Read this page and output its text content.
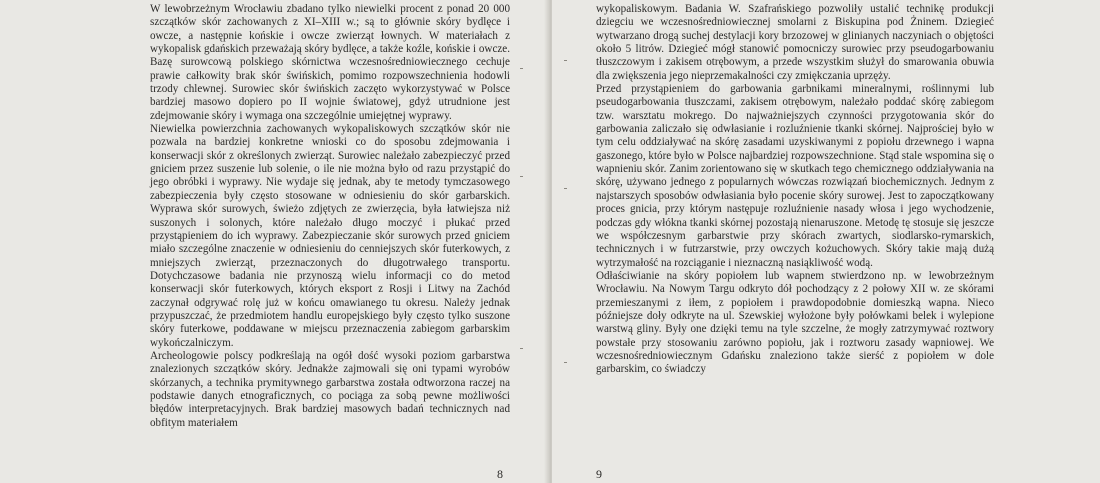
W lewobrzeżnym Wrocławiu zbadano tylko niewielki procent z ponad 20 000 szczątków skór zachowanych z XI–XIII w.; są to głównie skóry bydlęce i owcze, a następnie końskie i owcze zwierząt łownych. W materiałach z wykopalisk gdańskich przeważają skóry bydlęce, a także koźle, końskie i owcze. Bazę surowcową polskiego skórnictwa wczesnośredniowiecznego cechuje prawie całkowity brak skór świńskich, pomimo rozpowszechnienia hodowli trzody chlewnej. Surowiec skór świńskich zaczęto wykorzystywać w Polsce bardziej masowo dopiero po II wojnie światowej, gdyż utrudnione jest zdejmowanie skóry i wymaga ona szczególnie umiejętnej wyprawy.

Niewielka powierzchnia zachowanych wykopaliskowych szczątków skór nie pozwala na bardziej konkretne wnioski co do sposobu zdejmowania i konserwacji skór z określonych zwierząt. Surowiec należało zabezpieczyć przed gniciem przez suszenie lub solenie, o ile nie można było od razu przystąpić do jego obróbki i wyprawy. Nie wydaje się jednak, aby te metody tymczasowego zabezpieczenia były często stosowane w odniesieniu do skór garbarskich. Wyprawa skór surowych, świeżo zdjętych ze zwierzęcia, była łatwiejsza niż suszonych i solonych, które należało długo moczyć i płukać przed przystąpieniem do ich wyprawy. Zabezpieczanie skór surowych przed gniciem miało szczególne znaczenie w odniesieniu do cenniejszych skór futerkowych, z mniejszych zwierząt, przeznaczonych do długotrwałego transportu. Dotychczasowe badania nie przynoszą wielu informacji co do metod konserwacji skór futerkowych, których eksport z Rosji i Litwy na Zachód zaczynał odgrywać rolę już w końcu omawianego tu okresu. Należy jednak przypuszczać, że przedmiotem handlu europejskiego były często tylko suszone skóry futerkowe, poddawane w miejscu przeznaczenia zabiegom garbarskim wykończalniczym.

Archeologowie polscy podkreślają na ogół dość wysoki poziom garbarstwa znalezionych szczątków skóry. Jednakże zajmowali się oni typami wyrobów skórzanych, a technika prymitywnego garbarstwa została odtworzona raczej na podstawie danych etnograficznych, co pociąga za sobą pewne możliwości błędów interpretacyjnych. Brak bardziej masowych badań technicznych nad obfitym materiałem

8

wykopaliskowym. Badania W. Szafrańskiego pozwoliły ustalić technikę produkcji dziegciu we wczesnośredniowiecznej smolarni z Biskupina pod Żninem. Dziegieć wytwarzano drogą suchej destylacji kory brzozowej w glinianych naczyniach o objętości około 5 litrów. Dziegieć mógł stanowić pomocniczy surowiec przy pseudogarbowaniu tłuszczowym i zakisem otrębowym, a przede wszystkim służył do smarowania obuwia dla zwiększenia jego nieprzemakalności czy zmiękczania uprzęży.

Przed przystąpieniem do garbowania garbnikami mineralnymi, roślinnymi lub pseudogarbowania tłuszczami, zakisem otrębowym, należało poddać skórę zabiegom tzw. warsztatu mokrego. Do najważniejszych czynności przygotowania skór do garbowania zaliczało się odwłasianie i rozluźnienie tkanki skórnej. Najprościej było w tym celu oddziaływać na skórę zasadami uzyskiwanymi z popiołu drzewnego i wapna gaszonego, które było w Polsce najbardziej rozpowszechnione. Stąd stale wspomina się o wapnieniu skór. Zanim zorientowano się w skutkach tego chemicznego oddziaływania na skórę, używano jednego z popularnych wówczas rozwiązań biochemicznych. Jednym z najstarszych sposobów odwłasiania było pocenie skóry surowej. Jest to zapoczątkowany proces gnicia, przy którym następuje rozluźnienie nasady włosa i jego wychodzenie, podczas gdy włókna tkanki skórnej pozostają nienaruszone. Metodę tę stosuje się jeszcze we współczesnym garbarstwie przy skórach zwartych, siodlarsko-rymarskich, technicznych i w futrzarstwie, przy owczych kożuchowych. Skóry takie mają dużą wytrzymałość na rozciąganie i nieznaczną nasiąkliwość wodą.

Odłaściwianie na skóry popiołem lub wapnem stwierdzono np. w lewobrzeżnym Wrocławiu. Na Nowym Targu odkryto dół pochodzący z 2 połowy XII w. ze skórami przemieszanymi z iłem, z popiołem i prawdopodobnie domieszką wapna. Nieco późniejsze doły odkryte na ul. Szewskiej wyłożone były połówkami belek i wylepione warstwą gliny. Były one dzięki temu na tyle szczelne, że mogły zatrzymywać roztwory powstałe przy stosowaniu zarówno popiołu, jak i roztworu zasady wapniowej. We wczesnośredniowiecznym Gdańsku znaleziono także sierść z popiołem w dole garbarskim, co świadczy

9
